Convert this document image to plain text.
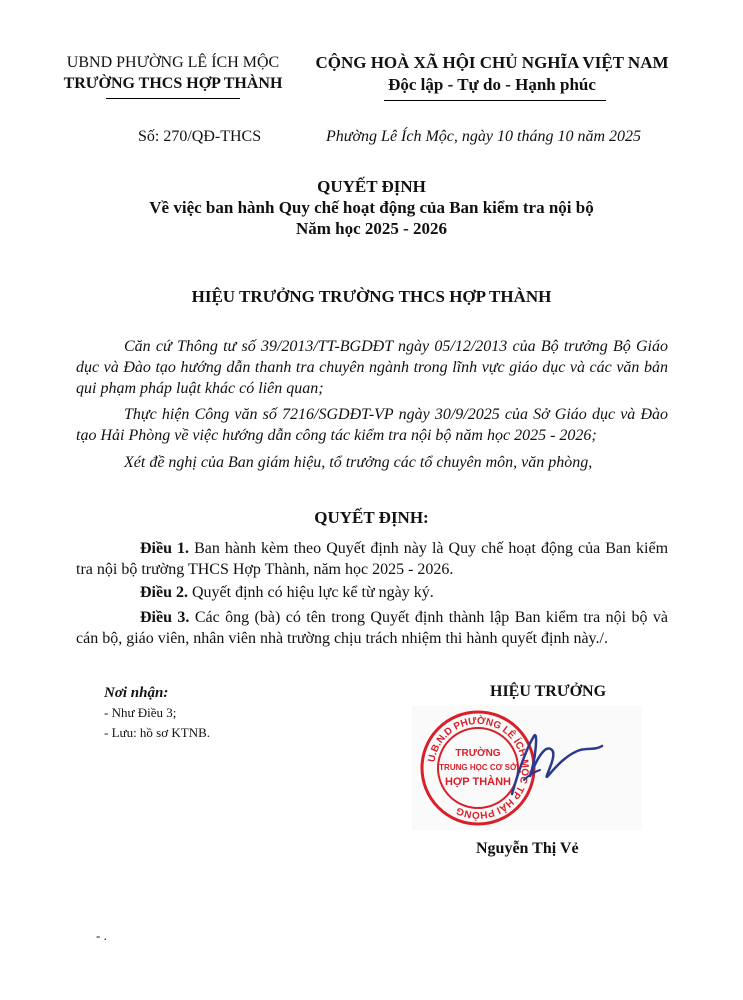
UBND PHƯỜNG LÊ ÍCH MỘC
TRƯỜNG THCS HỢP THÀNH
CỘNG HOÀ XÃ HỘI CHỦ NGHĨA VIỆT NAM
Độc lập - Tự do - Hạnh phúc
Số: 270/QĐ-THCS	Phường Lê Ích Mộc, ngày 10 tháng 10 năm 2025
QUYẾT ĐỊNH
Về việc ban hành Quy chế hoạt động của Ban kiểm tra nội bộ
Năm học 2025 - 2026
HIỆU TRƯỞNG TRƯỜNG THCS HỢP THÀNH
Căn cứ Thông tư số 39/2013/TT-BGDĐT ngày 05/12/2013 của Bộ trưởng Bộ Giáo dục và Đào tạo hướng dẫn thanh tra chuyên ngành trong lĩnh vực giáo dục và các văn bản qui phạm pháp luật khác có liên quan;
Thực hiện Công văn số 7216/SGDĐT-VP ngày 30/9/2025 của Sở Giáo dục và Đào tạo Hải Phòng về việc hướng dẫn công tác kiểm tra nội bộ năm học 2025 - 2026;
Xét đề nghị của Ban giám hiệu, tổ trưởng các tổ chuyên môn, văn phòng,
QUYẾT ĐỊNH:
Điều 1. Ban hành kèm theo Quyết định này là Quy chế hoạt động của Ban kiểm tra nội bộ trường THCS Hợp Thành, năm học 2025 - 2026.
Điều 2. Quyết định có hiệu lực kể từ ngày ký.
Điều 3. Các ông (bà) có tên trong Quyết định thành lập Ban kiểm tra nội bộ và cán bộ, giáo viên, nhân viên nhà trường chịu trách nhiệm thi hành quyết định này./.
Nơi nhận:
- Như Điều 3;
- Lưu: hồ sơ KTNB.
HIỆU TRƯỞNG
U.B.N.D PHƯỜNG LÊ ÍCH MỘC TP HẢI PHÒNG
TRƯỜNG
TRUNG HỌC CƠ SỞ
HỢP THÀNH
Nguyễn Thị Vẻ
- .
